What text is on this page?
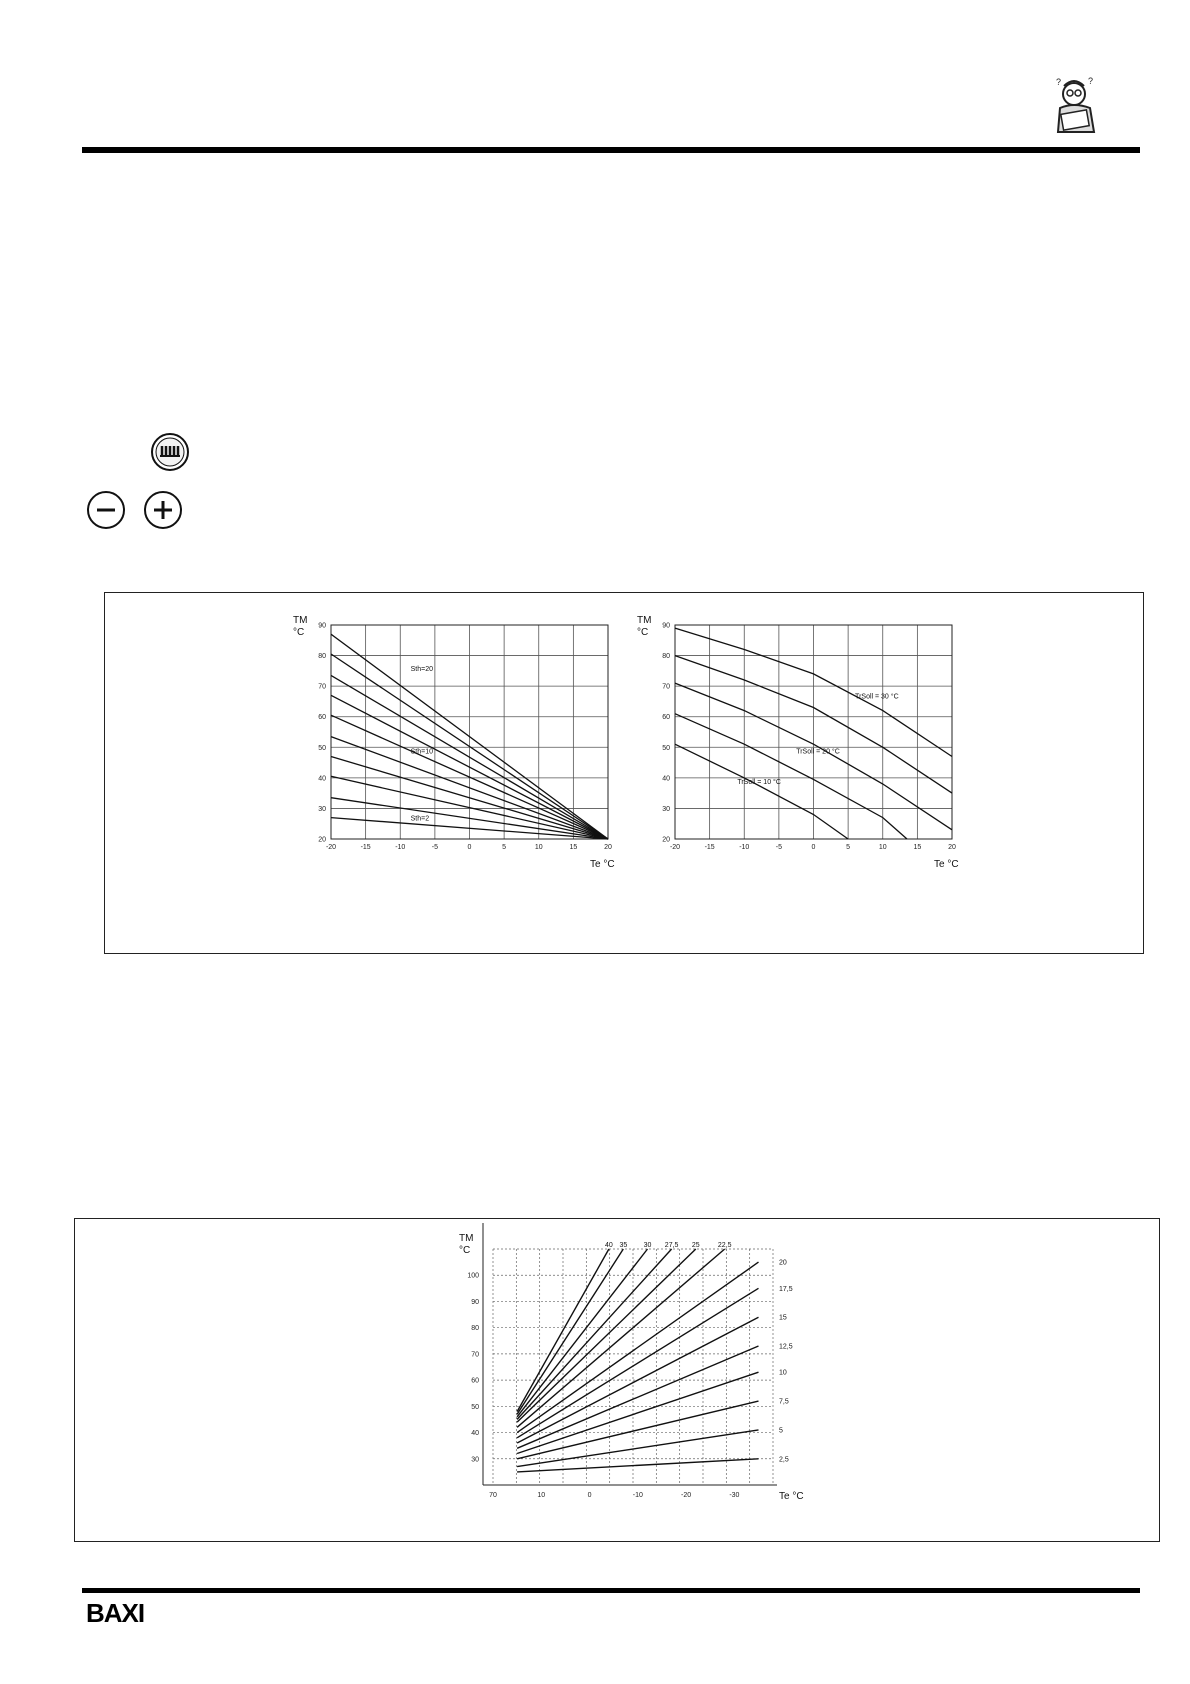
?
?
-20	-15	-10	-5	0	5	10	15	20
20
30
40
50
60
70
80
90
TM
°C
Te °C
Sth=20
Sth=10
Sth=2
-20	-15	-10	-5	0	5	10	15	20
20
30
40
50
60
70
80
90
TM
°C
Te °C
TrSoll = 30 °C
TrSoll = 20 °C
TrSoll = 10 °C
30
40
50
60
70
80
90
100
70	10	0	-10	-20	-30
TM
°C
Te °C
40 35 30 27,5 25	22,5
20
17,5
15
12,5
10
7,5
5
2,5
BAXI
